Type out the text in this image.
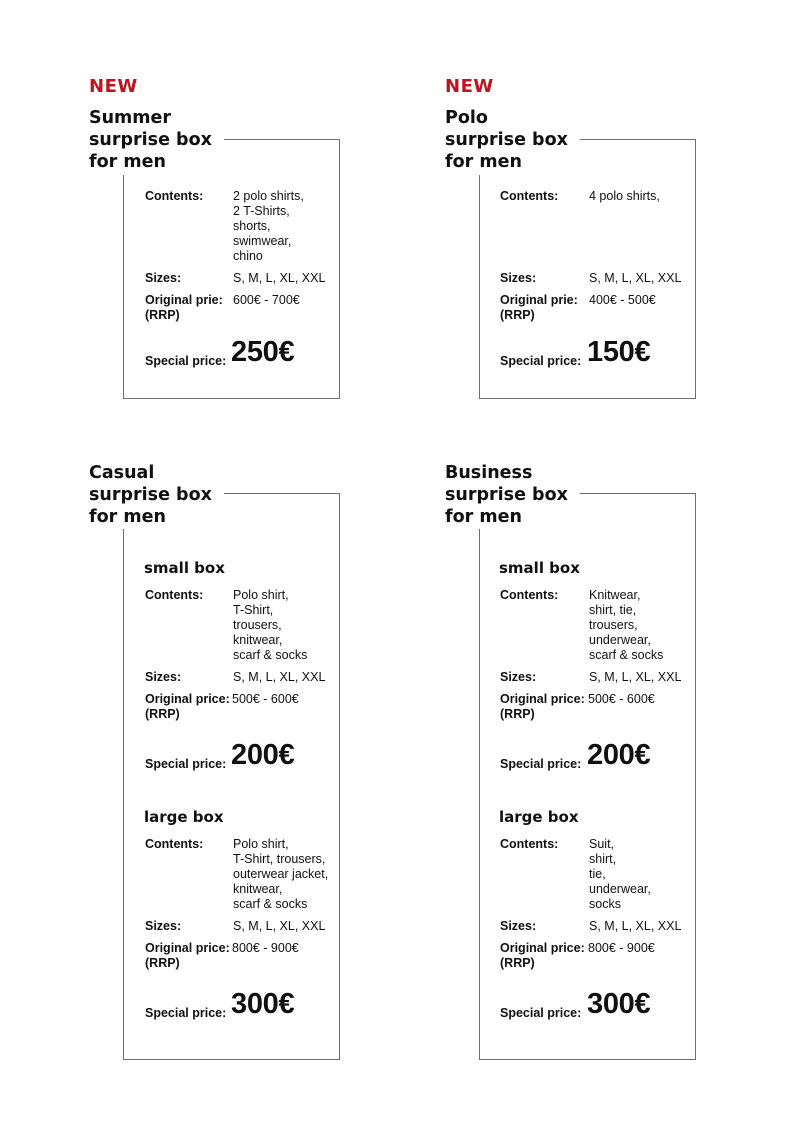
NEW
Summer
surprise box
for men
Contents: 2 polo shirts,
2 T-Shirts,
shorts,
swimwear,
chino
Sizes:	S, M, L, XL, XXL
Original prie:
(RRP)
600€ - 700€
Special price: 250€
NEW
Polo
surprise box
for men
Contents: 4 polo shirts,
Sizes:	S, M, L, XL, XXL
Original prie:
(RRP)
400€ - 500€
Special price: 150€
Casual
surprise box
for men
small box
Contents: Polo shirt,
T-Shirt,
trousers,
knitwear,
scarf & socks
Sizes:	S, M, L, XL, XXL
Original price:
(RRP)
500€ - 600€
Special price: 200€
large box
Contents: Polo shirt,
T-Shirt, trousers,
outerwear jacket,
knitwear,
scarf & socks
Sizes:	S, M, L, XL, XXL
Original price:
(RRP)
800€ - 900€
Special price: 300€
Business
surprise box
for men
small box
Contents: Knitwear,
shirt, tie,
trousers,
underwear,
scarf & socks
Sizes:	S, M, L, XL, XXL
Original price:
(RRP)
500€ - 600€
Special price: 200€
large box
Contents: Suit,
shirt,
tie,
underwear,
socks
Sizes:	S, M, L, XL, XXL
Original price:
(RRP)
800€ - 900€
Special price: 300€
